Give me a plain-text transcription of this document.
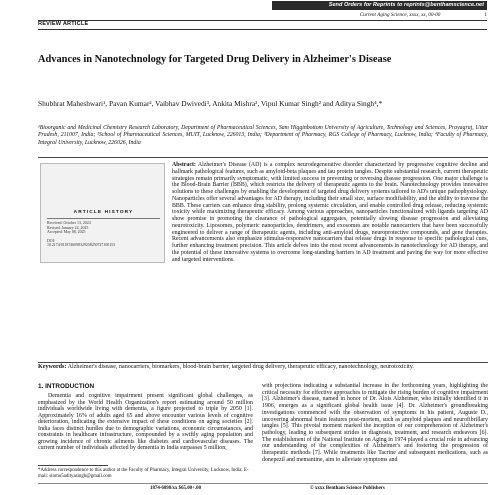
Send Orders for Reprints to reprints@benthamscience.net
Current Aging Science, xxxx, xx, 00-00	1
REVIEW ARTICLE
Advances in Nanotechnology for Targeted Drug Delivery in Alzheimer's Disease
Shubhrat Maheshwari¹, Pavan Kumar², Vaibhav Dwivedi³, Ankita Mishra², Vipul Kumar Singh² and Aditya Singh⁴,*
¹Bioorganic and Medicinal Chemistry Research Laboratory, Department of Pharmaceutical Sciences, Sam Higginbottom University of Agriculture, Technology and Sciences, Prayagraj, Uttar Pradesh, 211007, India; ²School of Pharmaceutical Sciences, MUIT, Lucknow, 226013, India; ³Department of Pharmacy, RGS College of Pharmacy, Lucknow, India; ⁴Faculty of Pharmacy, Integral University, Lucknow, 226026, India
ARTICLE HISTORY
Received: October 13, 2024
Revised: January 22, 2025
Accepted: May 08, 2025
DOI:
10.2174/0118746098329258250727100153
Abstract: Alzheimer's Disease (AD) is a complex neurodegenerative disorder characterized by progressive cognitive decline and hallmark pathological features, such as amyloid-beta plaques and tau protein tangles. Despite substantial research, current therapeutic strategies remain primarily symptomatic, with limited success in preventing or reversing disease progression. One major challenge is the Blood-Brain Barrier (BBB), which restricts the delivery of therapeutic agents to the brain. Nanotechnology provides innovative solutions to these challenges by enabling the development of targeted drug delivery systems tailored to AD's unique pathophysiology. Nanoparticles offer several advantages for AD therapy, including their small size, surface modifiability, and the ability to traverse the BBB. These carriers can enhance drug stability, prolong systemic circulation, and enable controlled drug release, reducing systemic toxicity while maximizing therapeutic efficacy. Among various approaches, nanoparticles functionalized with ligands targeting AD show promise in promoting the clearance of pathological aggregates, potentially slowing disease progression and alleviating neurotoxicity. Liposomes, polymeric nanoparticles, dendrimers, and exosomes are notable nanocarriers that have been successfully engineered to deliver a range of therapeutic agents, including anti-amyloid drugs, neuroprotective compounds, and gene therapies. Recent advancements also emphasize stimulus-responsive nanocarriers that release drugs in response to specific pathological cues, further enhancing treatment precision. This article delves into the most recent advancements in nanotechnology for AD therapy, and the potential of these innovative systems to overcome long-standing barriers in AD treatment and paving the way for more effective and targeted interventions.
Keywords: Alzheimer's disease, nanocarriers, biomarkers, blood-brain barrier, targeted drug delivery, therapeutic efficacy, nanotechnology, neurotoxicity.
1. INTRODUCTION

Dementia and cognitive impairment present significant global challenges, as emphasized by the World Health Organization's report estimating around 50 million individuals worldwide living with dementia, a figure projected to triple by 2050 [1]. Approximately 16% of adults aged 65 and above encounter various levels of cognitive deterioration, indicating the extensive impact of these conditions on aging societies [2]. India faces distinct hurdles due to demographic variations, economic circumstances, and constraints in healthcare infrastructure, compounded by a swiftly aging population and growing incidence of chronic ailments like diabetes and cardiovascular diseases. The current number of individuals affected by dementia in India surpasses 5 million,

with projections indicating a substantial increase in the forthcoming years, highlighting the critical necessity for effective approaches to mitigate the rising burden of cognitive impairment [3]. Alzheimer's disease, named in honor of Dr. Alois Alzheimer, who initially identified it in 1906, emerges as a significant global health issue [4]. Dr. Alzheimer's groundbreaking investigations commenced with the observation of symptoms in his patient, Auguste D., uncovering abnormal brain features post-mortem, such as amyloid plaques and neurofibrillary tangles [5]. This pivotal moment marked the inception of our comprehension of Alzheimer's pathology, leading to subsequent strides in diagnosis, treatment, and research endeavors [6]. The establishment of the National Institute on Aging in 1974 played a crucial role in advancing our understanding of the complexities of Alzheimer's and fostering the progression of therapeutic methods [7]. While treatments like Tacrine and subsequent medications, such as donepezil and memantine, aim to alleviate symptoms and
*Address correspondence to this author at the Faculty of Pharmacy, Integral University, Lucknow, India; E-mail: sinmu5adityasingh@gmail.com
1874-6098/xx $65.00+.00	© xxxx Bentham Science Publishers
